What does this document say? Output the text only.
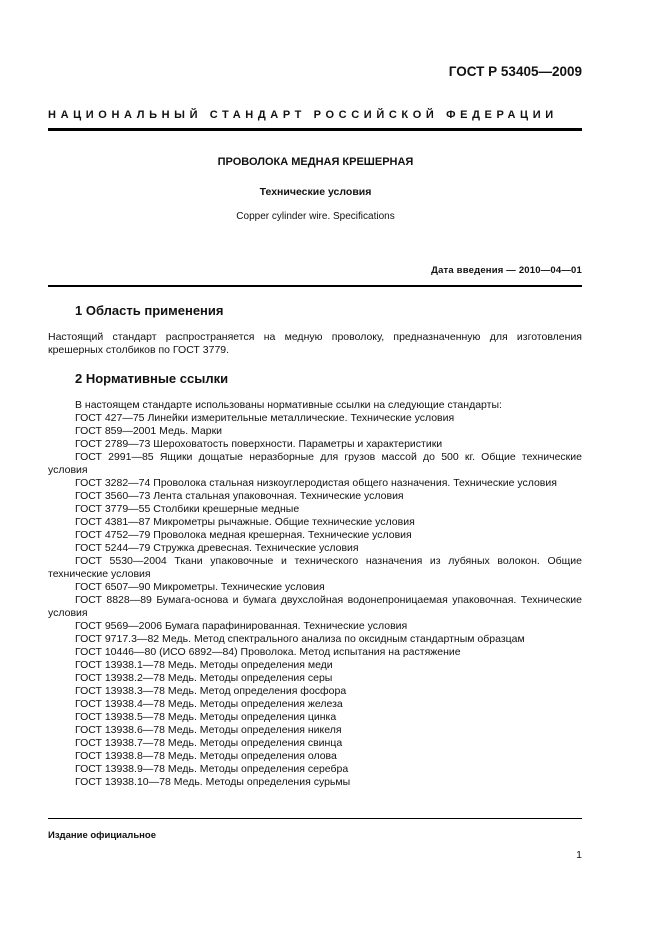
ГОСТ Р 53405—2009
НАЦИОНАЛЬНЫЙ СТАНДАРТ РОССИЙСКОЙ ФЕДЕРАЦИИ
ПРОВОЛОКА МЕДНАЯ КРЕШЕРНАЯ
Технические условия
Copper cylinder wire. Specifications
Дата введения — 2010—04—01
1 Область применения
Настоящий стандарт распространяется на медную проволоку, предназначенную для изготовления крешерных столбиков по ГОСТ 3779.
2 Нормативные ссылки
В настоящем стандарте использованы нормативные ссылки на следующие стандарты:
ГОСТ 427—75 Линейки измерительные металлические. Технические условия
ГОСТ 859—2001 Медь. Марки
ГОСТ 2789—73 Шероховатость поверхности. Параметры и характеристики
ГОСТ 2991—85 Ящики дощатые неразборные для грузов массой до 500 кг. Общие технические условия
ГОСТ 3282—74 Проволока стальная низкоуглеродистая общего назначения. Технические условия
ГОСТ 3560—73 Лента стальная упаковочная. Технические условия
ГОСТ 3779—55 Столбики крешерные медные
ГОСТ 4381—87 Микрометры рычажные. Общие технические условия
ГОСТ 4752—79 Проволока медная крешерная. Технические условия
ГОСТ 5244—79 Стружка древесная. Технические условия
ГОСТ 5530—2004 Ткани упаковочные и технического назначения из лубяных волокон. Общие технические условия
ГОСТ 6507—90 Микрометры. Технические условия
ГОСТ 8828—89 Бумага-основа и бумага двухслойная водонепроницаемая упаковочная. Технические условия
ГОСТ 9569—2006 Бумага парафинированная. Технические условия
ГОСТ 9717.3—82 Медь. Метод спектрального анализа по оксидным стандартным образцам
ГОСТ 10446—80 (ИСО 6892—84) Проволока. Метод испытания на растяжение
ГОСТ 13938.1—78 Медь. Методы определения меди
ГОСТ 13938.2—78 Медь. Методы определения серы
ГОСТ 13938.3—78 Медь. Метод определения фосфора
ГОСТ 13938.4—78 Медь. Методы определения железа
ГОСТ 13938.5—78 Медь. Методы определения цинка
ГОСТ 13938.6—78 Медь. Методы определения никеля
ГОСТ 13938.7—78 Медь. Методы определения свинца
ГОСТ 13938.8—78 Медь. Методы определения олова
ГОСТ 13938.9—78 Медь. Методы определения серебра
ГОСТ 13938.10—78 Медь. Методы определения сурьмы
Издание официальное
1
